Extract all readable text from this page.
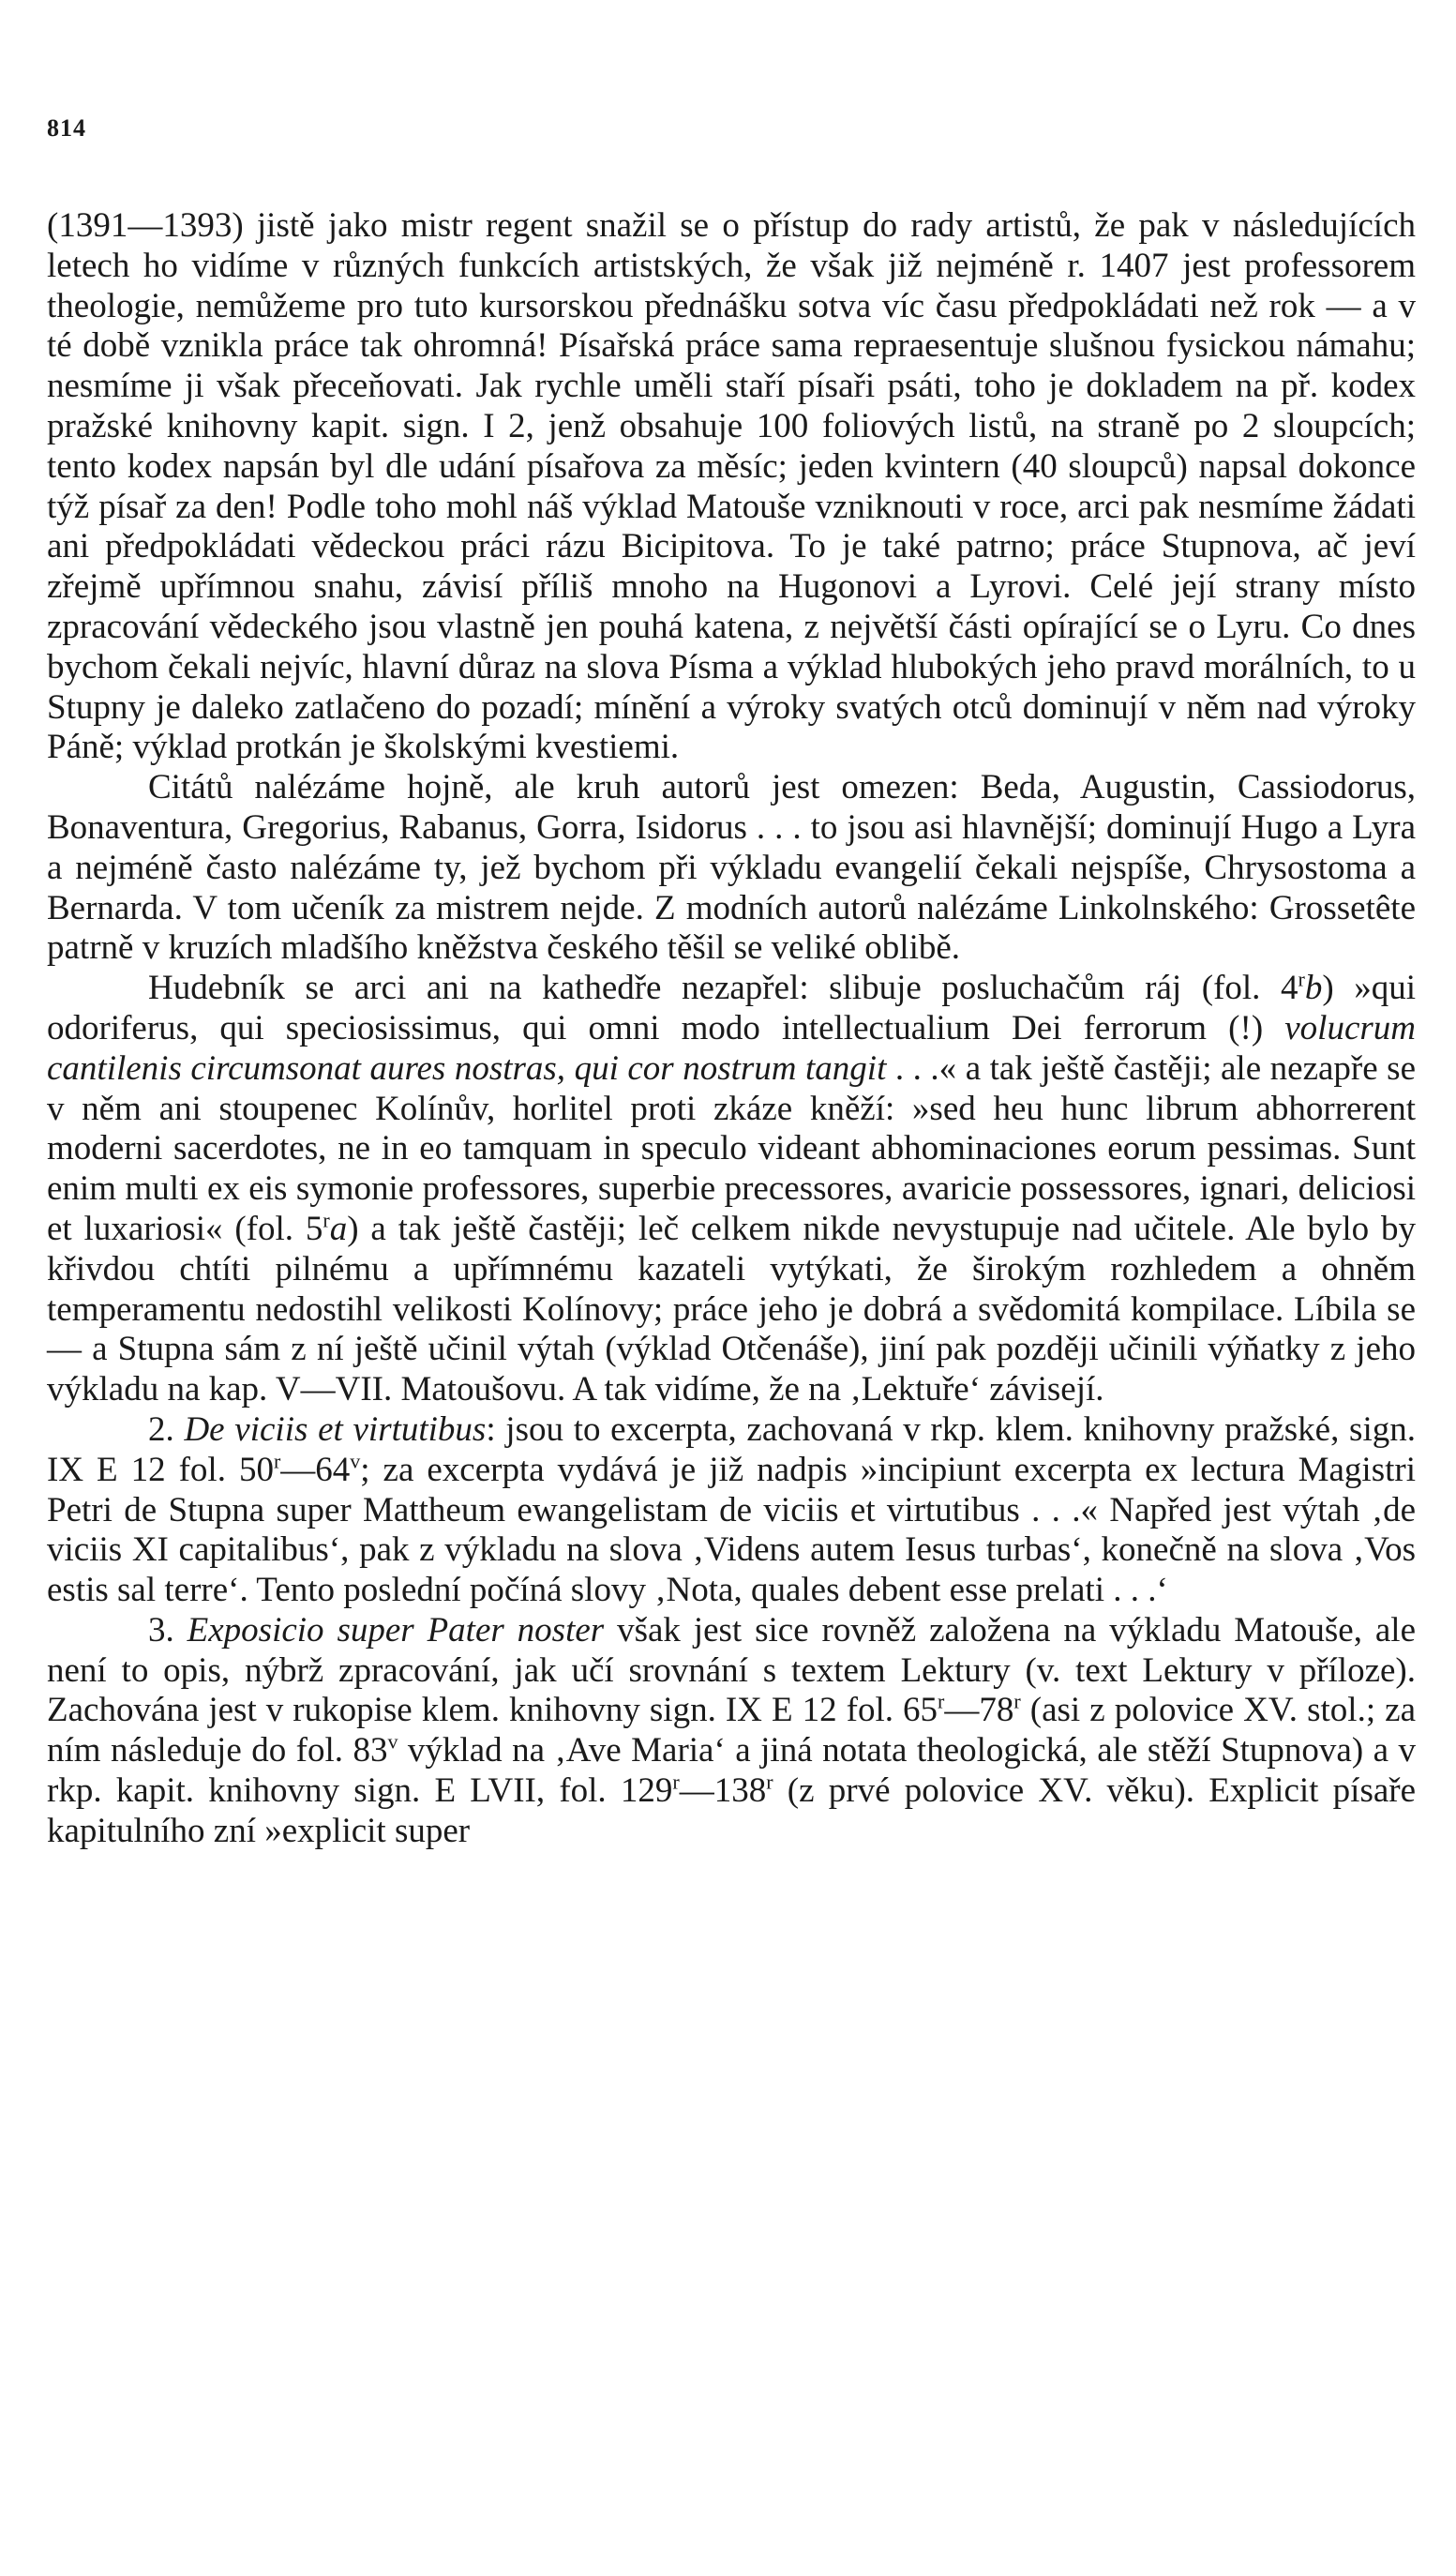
814

(1391—1393) jistě jako mistr regent snažil se o přístup do rady artistů, že pak v následujících letech ho vidíme v různých funkcích artistských, že však již nejméně r. 1407 jest professorem theologie, nemůžeme pro tuto kursorskou přednášku sotva víc času předpokládati než rok — a v té době vznikla práce tak ohromná! Písařská práce sama repraesentuje slušnou fysickou námahu; nesmíme ji však přeceňovati. Jak rychle uměli staří písaři psáti, toho je dokladem na př. kodex pražské knihovny kapit. sign. I 2, jenž obsahuje 100 foliových listů, na straně po 2 sloupcích; tento kodex napsán byl dle udání písařova za měsíc; jeden kvintern (40 sloupců) napsal dokonce týž písař za den! Podle toho mohl náš výklad Matouše vzniknouti v roce, arci pak nesmíme žádati ani předpokládati vědeckou práci rázu Bicipitova. To je také patrno; práce Stupnova, ač jeví zřejmě upřímnou snahu, závisí příliš mnoho na Hugonovi a Lyrovi. Celé její strany místo zpracování vědeckého jsou vlastně jen pouhá katena, z největší části opírající se o Lyru. Co dnes bychom čekali nejvíc, hlavní důraz na slova Písma a výklad hlubokých jeho pravd morálních, to u Stupny je daleko zatlačeno do pozadí; mínění a výroky svatých otců dominují v něm nad výroky Páně; výklad protkán je školskými kvestiemi.

Citátů nalézáme hojně, ale kruh autorů jest omezen: Beda, Augustin, Cassiodorus, Bonaventura, Gregorius, Rabanus, Gorra, Isidorus . . . to jsou asi hlavnější; dominují Hugo a Lyra a nejméně často nalézáme ty, jež bychom při výkladu evangelií čekali nejspíše, Chrysostoma a Bernarda. V tom učeník za mistrem nejde. Z modních autorů nalézáme Linkolnského: Grossetête patrně v kruzích mladšího kněžstva českého těšil se veliké oblibě.

Hudebník se arci ani na kathedře nezapřel: slibuje posluchačům ráj (fol. 4$^r$b) »qui odoriferus, qui speciosissimus, qui omni modo intellectualium Dei ferrorum (!) volucrum cantilenis circumsonat aures nostras, qui cor nostrum tangit . . .« a tak ještě častěji; ale nezapře se v něm ani stoupenec Kolínův, horlitel proti zkáze kněží: »sed heu hunc librum abhorrerent moderni sacerdotes, ne in eo tamquam in speculo videant abhominaciones eorum pessimas. Sunt enim multi ex eis symonie professores, superbie precessores, avaricie possessores, ignari, deliciosi et luxariosi« (fol. 5$^r$a) a tak ještě častěji; leč celkem nikde nevystupuje nad učitele. Ale bylo by křivdou chtíti pilnému a upřímnému kazateli vytýkati, že širokým rozhledem a ohněm temperamentu nedostihl velikosti Kolínovy; práce jeho je dobrá a svědomitá kompilace. Líbila se — a Stupna sám z ní ještě učinil výtah (výklad Otčenáše), jiní pak později učinili výňatky z jeho výkladu na kap. V—VII. Matoušovu. A tak vidíme, že na ‚Lektuře‘ závisejí.

2. De viciis et virtutibus: jsou to excerpta, zachovaná v rkp. klem. knihovny pražské, sign. IX E 12 fol. 50$^r$—64$^v$; za excerpta vydává je již nadpis »incipiunt excerpta ex lectura Magistri Petri de Stupna super Mattheum ewangelistam de viciis et virtutibus . . .« Napřed jest výtah ‚de viciis XI capitalibus‘, pak z výkladu na slova ‚Videns autem Iesus turbas‘, konečně na slova ‚Vos estis sal terre‘. Tento poslední počíná slovy ‚Nota, quales debent esse prelati . . .‘

3. Exposicio super Pater noster však jest sice rovněž založena na výkladu Matouše, ale není to opis, nýbrž zpracování, jak učí srovnání s textem Lektury (v. text Lektury v příloze). Zachována jest v rukopise klem. knihovny sign. IX E 12 fol. 65$^r$—78$^r$ (asi z polovice XV. stol.; za ním následuje do fol. 83$^v$ výklad na ‚Ave Maria‘ a jiná notata theologická, ale stěží Stupnova) a v rkp. kapit. knihovny sign. E LVII, fol. 129$^r$—138$^r$ (z prvé polovice XV. věku). Explicit písaře kapitulního zní »explicit super
